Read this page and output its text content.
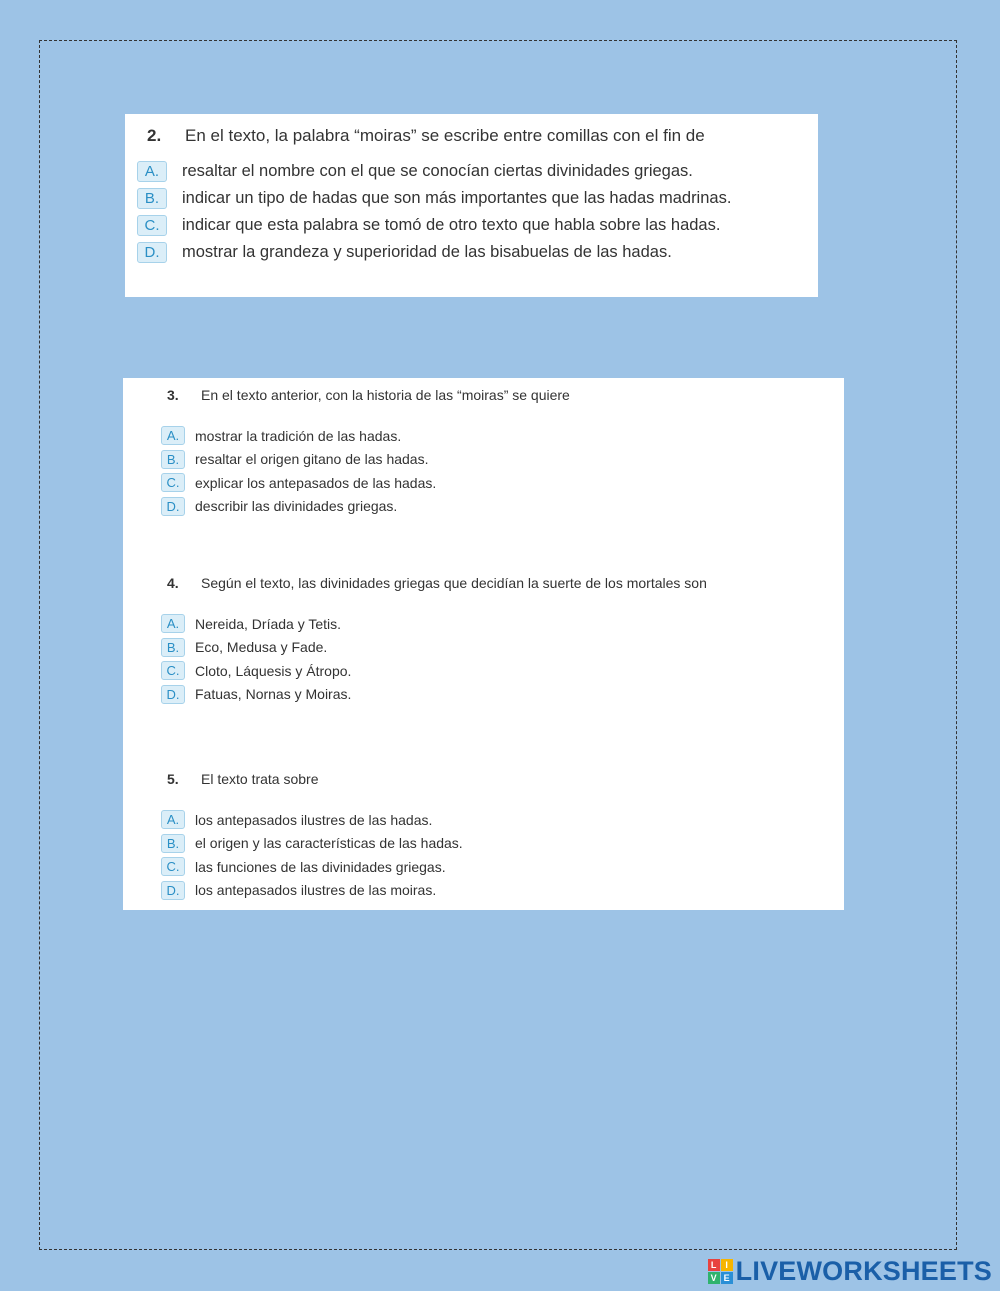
2.	En el texto, la palabra “moiras” se escribe entre comillas con el fin de
A.	resaltar el nombre con el que se conocían ciertas divinidades griegas.
B.	indicar un tipo de hadas que son más importantes que las hadas madrinas.
C.	indicar que esta palabra se tomó de otro texto que habla sobre las hadas.
D.	mostrar la grandeza y superioridad de las bisabuelas de las hadas.
3.	En el texto anterior, con la historia de las “moiras” se quiere
A.	mostrar la tradición de las hadas.
B.	resaltar el origen gitano de las hadas.
C.	explicar los antepasados de las hadas.
D.	describir las divinidades griegas.
4.	Según el texto, las divinidades griegas que decidían la suerte de los mortales son
A.	Nereida, Dríada y Tetis.
B.	Eco, Medusa y Fade.
C.	Cloto, Láquesis y Átropo.
D.	Fatuas, Nornas y Moiras.
5.	El texto trata sobre
A.	los antepasados ilustres de las hadas.
B.	el origen y las características de las hadas.
C.	las funciones de las divinidades griegas.
D.	los antepasados ilustres de las moiras.
L I
V E LIVEWORKSHEETS
